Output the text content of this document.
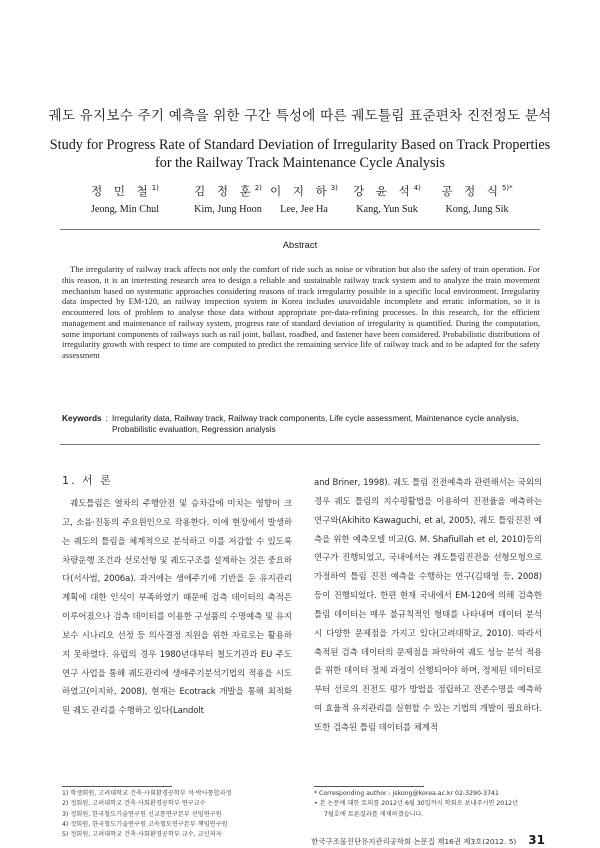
궤도 유지보수 주기 예측을 위한 구간 특성에 따른 궤도틀림 표준편차 진전정도 분석
Study for Progress Rate of Standard Deviation of Irregularity Based on Track Properties
for the Railway Track Maintenance Cycle Analysis
정 민 철$^{1)}$
Jeong, Min Chul
김 정 훈$^{2)}$
Kim, Jung Hoon
이 지 하$^{3)}$
Lee, Jee Ha
강 윤 석$^{4)}$
Kang, Yun Suk
공 정 식$^{5)*}$
Kong, Jung Sik
Abstract
The irregularity of railway track affects not only the comfort of ride such as noise or vibration but also the safety of train operation. For this reason, it is an interesting research area to design a reliable and sustainable railway track system and to analyze the train movement mechanism based on systematic approaches considering reasons of track irregularity possible in a specific local environment. Irregularity data inspected by EM-120, an railway inspection system in Korea includes unavoidable incomplete and erratic information, so it is encountered lots of problem to analyse those data without appropriate pre-data-refining processes. In this research, for the efficient management and maintenance of railway system, progress rate of standard deviation of irregularity is quantified. During the computation, some important components of railways such as rail joint, ballast, roadbed, and fastener have been considered. Probabilistic distributions of irregularity growth with respect to time are computed to predict the remaining service life of railway track and to be adapted for the safety assessment
Keywords : Irregularity data, Railway track, Railway track components, Life cycle assessment, Maintenance cycle analysis, Probabilistic evaluation, Regression analysis
1. 서 론

궤도틀림은 열차의 주행안전 및 승차감에 미치는 영향이 크고, 소음·진동의 주요원인으로 작용한다. 이에 현장에서 발생하는 궤도의 틀림을 체계적으로 분석하고 이를 저감할 수 있도록 차량운행 조건과 선로선형 및 궤도구조를 설계하는 것은 중요하다(서사범, 2006a). 과거에는 생애주기에 기반을 둔 유지관리 계획에 대한 인식이 부족하였기 때문에 검측 데이터의 축적은 이루어졌으나 검측 데이터를 이용한 구성품의 수명예측 및 유지보수 시나리오 선정 등 의사결정 지원을 위한 자료로는 활용하지 못하였다. 유럽의 경우 1980년대부터 철도기관과 EU 주도 연구 사업을 통해 궤도관리에 생애주기분석기법의 적용을 시도하였고(이지하, 2008), 현재는 Ecotrack 개발을 통해 최적화된 궤도 관리를 수행하고 있다(Landolt

and Briner, 1998). 궤도 틀림 진전예측과 관련해서는 국외의 경우 궤도 틀림의 지수평활법을 이용하여 진전율을 예측하는 연구와(Akihito Kawaguchi, et al, 2005), 궤도 틀림진전 예측을 위한 예측모델 비교(G. M. Shafiullah et el, 2010)등의 연구가 진행되었고, 국내에서는 궤도틀림진전을 선형모형으로 가정하여 틀림 진전 예측을 수행하는 연구(김태영 등, 2008) 등이 진행되었다. 한편 현재 국내에서 EM-120에 의해 검측한 틀림 데이터는 매우 불규칙적인 형태를 나타내며 데이터 분석 시 다양한 문제점을 가지고 있다(고려대학교, 2010). 따라서 축적된 검측 데이터의 문제점을 파악하여 궤도 성능 분석 적용을 위한 데이터 정제 과정이 선행되어야 하며, 정제된 데이터로부터 선로의 진전도 평가 방법을 정립하고 잔존수명을 예측하여 효율적 유지관리를 실현할 수 있는 기법의 개발이 필요하다. 또한 검측된 틀림 데이터를 체계적

1) 학생회원, 고려대학교 건축·사회환경공학부 석·박사통합과정
2) 정회원, 고려대학교 건축·사회환경공학부 연구교수
3) 정회원, 한국철도기술연구원 신교통연구본부 선임연구원
4) 정회원, 한국철도기술연구원 고속철도연구본부 책임연구원
5) 정회원, 고려대학교 건축·사회환경공학부 교수, 교신저자
* Corresponding author : jskong@korea.ac.kr 02-3290-3741
• 본 논문에 대한 토의를 2012년 6월 30일까지 학회로 보내주시면 2012년
7월호에 토론결과를 게재하겠습니다.
한국구조물진단유지관리공학회 논문집 제16권 제3호(2012. 5) 31
